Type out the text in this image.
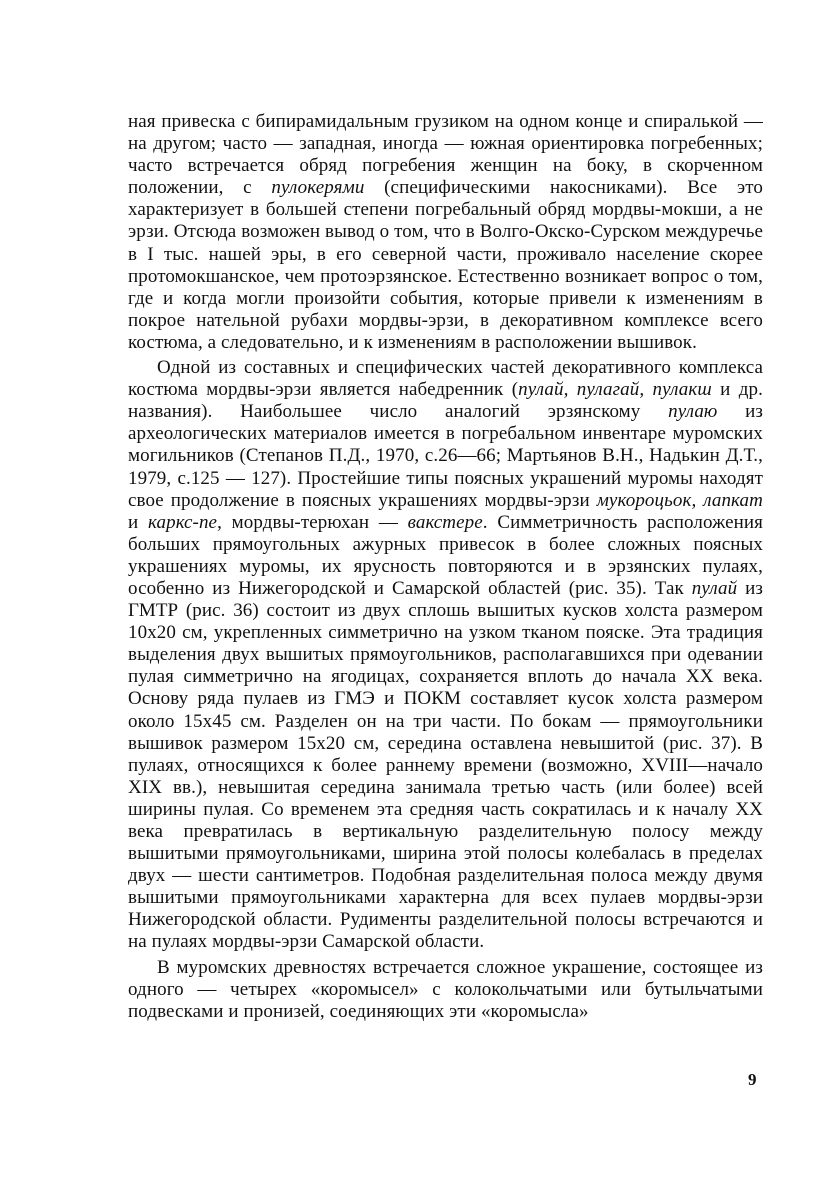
ная привеска с бипирамидальным грузиком на одном конце и спиралькой — на другом; часто — западная, иногда — южная ориентировка погребенных; часто встречается обряд погребения женщин на боку, в скорченном положении, с пулокерями (специфическими накосниками). Все это характеризует в большей степени погребальный обряд мордвы-мокши, а не эрзи. Отсюда возможен вывод о том, что в Волго-Окско-Сурском междуречье в I тыс. нашей эры, в его северной части, проживало население скорее протомокшанское, чем протоэрзянское. Естественно возникает вопрос о том, где и когда могли произойти события, которые привели к изменениям в покрое нательной рубахи мордвы-эрзи, в декоративном комплексе всего костюма, а следовательно, и к изменениям в расположении вышивок.

Одной из составных и специфических частей декоративного комплекса костюма мордвы-эрзи является набедренник (пулай, пулагай, пулакш и др. названия). Наибольшее число аналогий эрзянскому пулаю из археологических материалов имеется в погребальном инвентаре муромских могильников (Степанов П.Д., 1970, с.26—66; Мартьянов В.Н., Надькин Д.Т., 1979, с.125 — 127). Простейшие типы поясных украшений муромы находят свое продолжение в поясных украшениях мордвы-эрзи мукороцьок, лапкат и каркс-пе, мордвы-терюхан — вакстере. Симметричность расположения больших прямоугольных ажурных привесок в более сложных поясных украшениях муромы, их ярусность повторяются и в эрзянских пулаях, особенно из Нижегородской и Самарской областей (рис. 35). Так пулай из ГМТР (рис. 36) состоит из двух сплошь вышитых кусков холста размером 10х20 см, укрепленных симметрично на узком тканом пояске. Эта традиция выделения двух вышитых прямоугольников, располагавшихся при одевании пулая симметрично на ягодицах, сохраняется вплоть до начала XX века. Основу ряда пулаев из ГМЭ и ПОКМ составляет кусок холста размером около 15х45 см. Разделен он на три части. По бокам — прямоугольники вышивок размером 15х20 см, середина оставлена невышитой (рис. 37). В пулаях, относящихся к более раннему времени (возможно, XVIII—начало XIX вв.), невышитая середина занимала третью часть (или более) всей ширины пулая. Со временем эта средняя часть сократилась и к началу XX века превратилась в вертикальную разделительную полосу между вышитыми прямоугольниками, ширина этой полосы колебалась в пределах двух — шести сантиметров. Подобная разделительная полоса между двумя вышитыми прямоугольниками характерна для всех пулаев мордвы-эрзи Нижегородской области. Рудименты разделительной полосы встречаются и на пулаях мордвы-эрзи Самарской области.

В муромских древностях встречается сложное украшение, состоящее из одного — четырех «коромысел» с колокольчатыми или бутыльчатыми подвесками и пронизей, соединяющих эти «коромысла»

9
